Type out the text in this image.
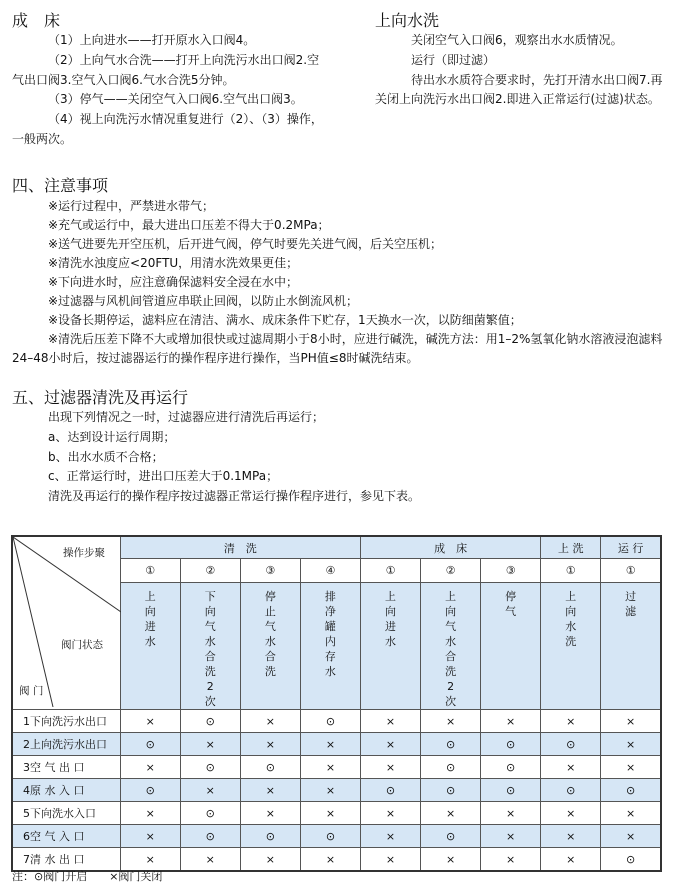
成　床

（1）上向进水——打开原水入口阀4。

（2）上向气水合洗——打开上向洗污水出口阀2.空气出口阀3.空气入口阀6.气水合洗5分钟。

（3）停气——关闭空气入口阀6.空气出口阀3。

（4）视上向洗污水情况重复进行（2）、（3）操作，一般两次。

上向水洗

关闭空气入口阀6，观察出水水质情况。

运行（即过滤）

待出水水质符合要求时，先打开清水出口阀7.再关闭上向洗污水出口阀2.即进入正常运行(过滤)状态。

四、注意事项

※运行过程中，严禁进水带气；

※充气或运行中，最大进出口压差不得大于0.2MPa；

※送气进要先开空压机，后开进气阀，停气时要先关进气阀，后关空压机；

※清洗水浊度应<20FTU，用清水洗效果更佳；

※下向进水时，应注意确保滤料安全浸在水中；

※过滤器与风机间管道应串联止回阀，以防止水倒流风机；

※设备长期停运，滤料应在清洁、满水、成床条件下贮存，1天换水一次，以防细菌繁值；

※清洗后压差下降不大或增加很快或过滤周期小于8小时，应进行碱洗，碱洗方法：用1–2%氢氧化钠水溶液浸泡滤料24–48小时后，按过滤器运行的操作程序进行操作，当PH值≤8时碱洗结束。

五、过滤器清洗及再运行

出现下列情况之一时，过滤器应进行清洗后再运行；

a、达到设计运行周期；

b、出水水质不合格；

c、正常运行时，进出口压差大于0.1MPa；

清洗及再运行的操作程序按过滤器正常运行操作程序进行，参见下表。

操作步聚
阀门状态
阀 门	清　洗				成　床			上 洗	运 行
	①	②	③	④	①	②	③	①	①
	上向进水	下向气水合洗2次	停止气水合洗	排净罐内存水	上向进水	上向气水合洗2次	停　气	上向水洗	过　滤
1下向洗污水出口	×	⊙	×	⊙	×	×	×	×	×
2上向洗污水出口	⊙	×	×	×	×	⊙	⊙	⊙	×
3空 气 出 口	×	⊙	⊙	×	×	⊙	⊙	×	×
4原 水 入 口	⊙	×	×	×	⊙	⊙	⊙	⊙	⊙
5下向洗水入口	×	⊙	×	×	×	×	×	×	×
6空 气 入 口	×	⊙	⊙	⊙	×	⊙	×	×	×
7清 水 出 口	×	×	×	×	×	×	×	×	⊙
注：⊙阀门开启　　×阀门关闭
